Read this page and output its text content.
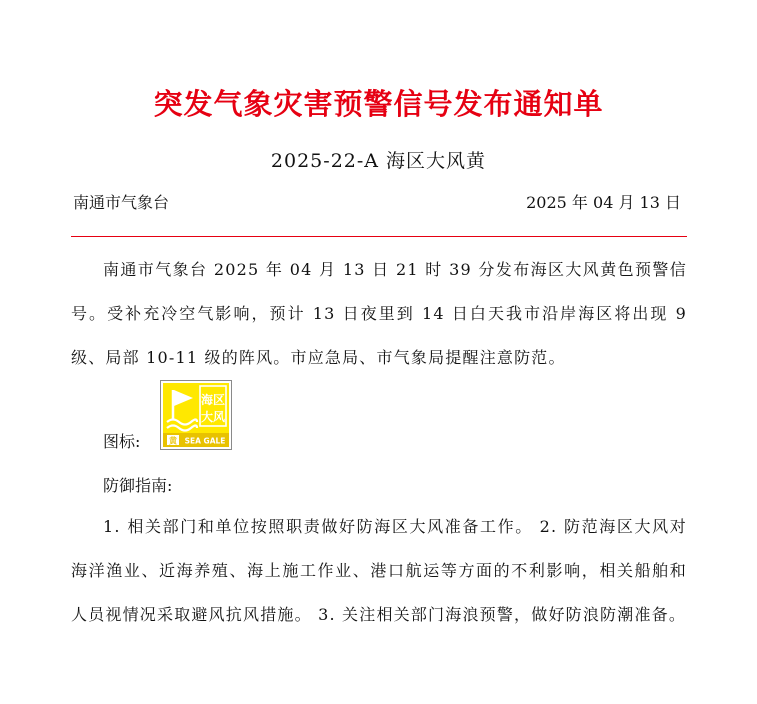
突发气象灾害预警信号发布通知单
2025-22-A 海区大风黄
南通市气象台	2025 年 04 月 13 日
南通市气象台 2025 年 04 月 13 日 21 时 39 分发布海区大风黄色预警信号。受补充冷空气影响，预计 13 日夜里到 14 日白天我市沿岸海区将出现 9 级、局部 10-11 级的阵风。市应急局、市气象局提醒注意防范。
图标:
海区
大风
黄 SEA GALE
防御指南:
1. 相关部门和单位按照职责做好防海区大风准备工作。 2. 防范海区大风对海洋渔业、近海养殖、海上施工作业、港口航运等方面的不利影响，相关船舶和人员视情况采取避风抗风措施。 3. 关注相关部门海浪预警，做好防浪防潮准备。
